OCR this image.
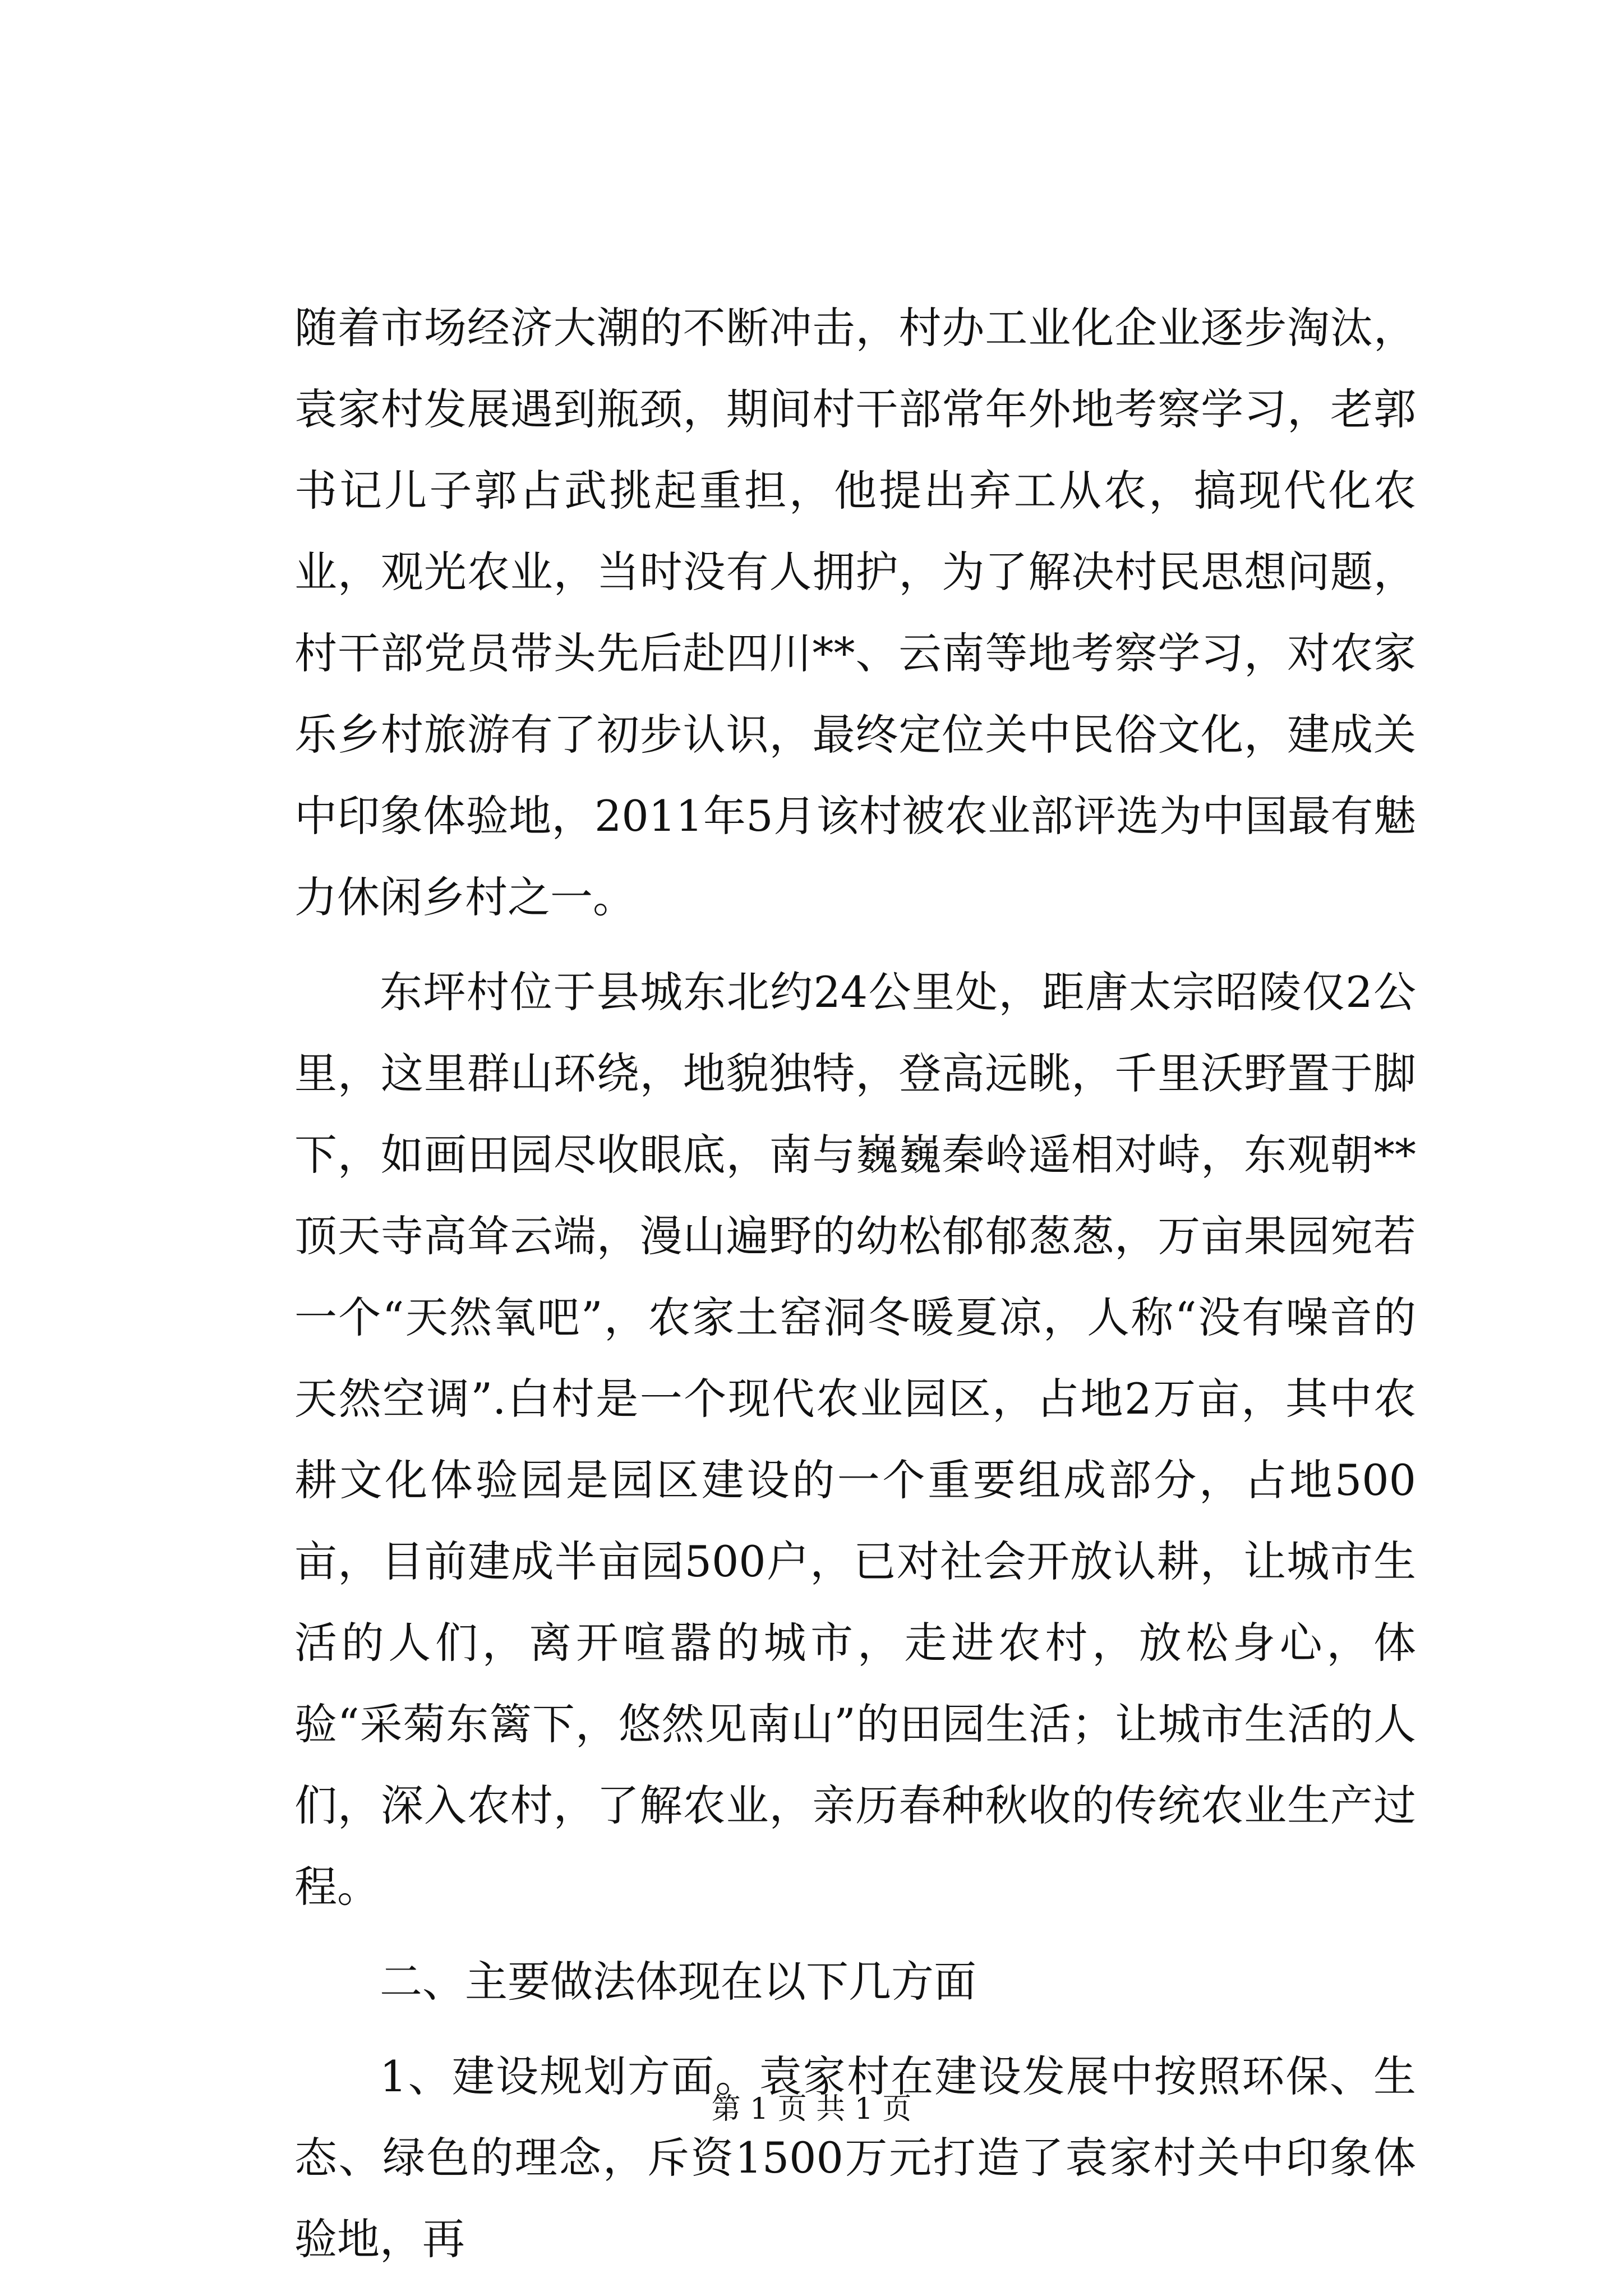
随着市场经济大潮的不断冲击，村办工业化企业逐步淘汰，袁家村发展遇到瓶颈，期间村干部常年外地考察学习，老郭书记儿子郭占武挑起重担，他提出弃工从农，搞现代化农业，观光农业，当时没有人拥护，为了解决村民思想问题，村干部党员带头先后赴四川**、云南等地考察学习，对农家乐乡村旅游有了初步认识，最终定位关中民俗文化，建成关中印象体验地，2011年5月该村被农业部评选为中国最有魅力休闲乡村之一。

东坪村位于县城东北约24公里处，距唐太宗昭陵仅2公里，这里群山环绕，地貌独特，登高远眺，千里沃野置于脚下，如画田园尽收眼底，南与巍巍秦岭遥相对峙，东观朝**顶天寺高耸云端，漫山遍野的幼松郁郁葱葱，万亩果园宛若一个“天然氧吧”，农家土窑洞冬暖夏凉，人称“没有噪音的天然空调”.白村是一个现代农业园区，占地2万亩，其中农耕文化体验园是园区建设的一个重要组成部分，占地500亩，目前建成半亩园500户，已对社会开放认耕，让城市生活的人们，离开喧嚣的城市，走进农村，放松身心，体验“采菊东篱下，悠然见南山”的田园生活；让城市生活的人们，深入农村，了解农业，亲历春种秋收的传统农业生产过程。

二、主要做法体现在以下几方面

1、建设规划方面。袁家村在建设发展中按照环保、生态、绿色的理念，斥资1500万元打造了袁家村关中印象体验地，再

第 1 页 共 1 页
